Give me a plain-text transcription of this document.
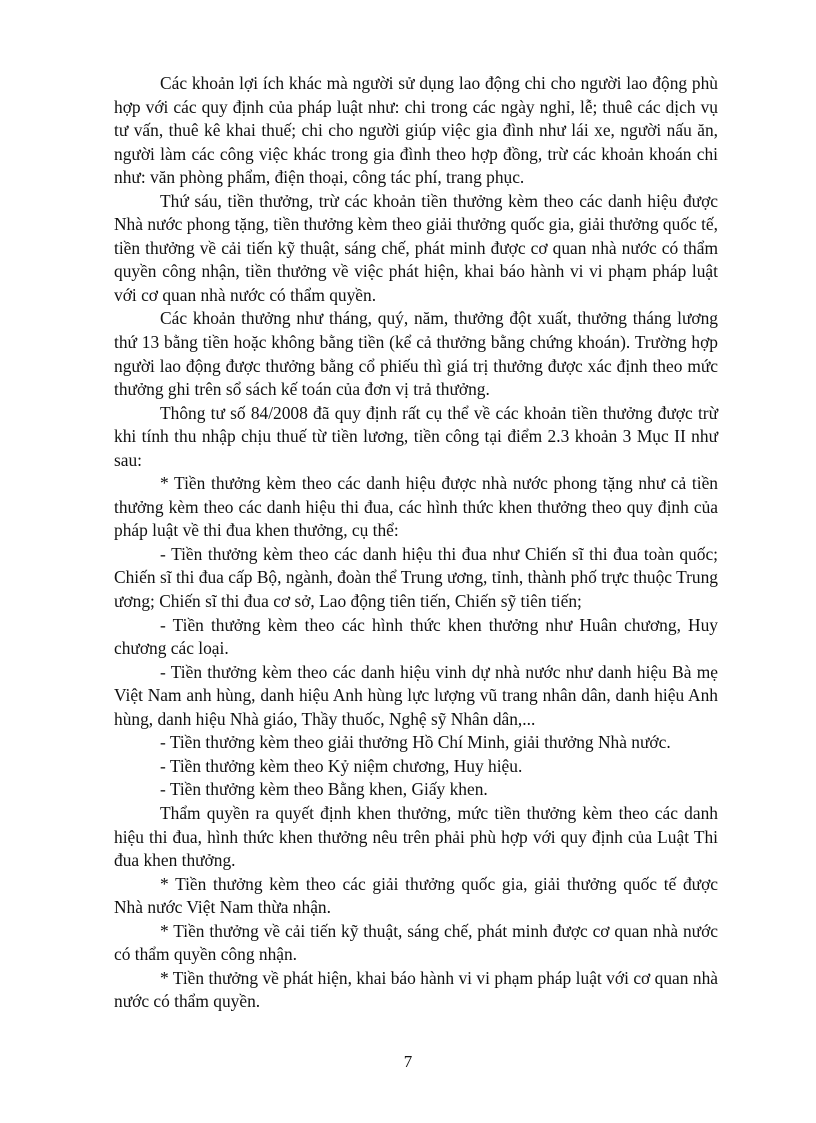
Các khoản lợi ích khác mà người sử dụng lao động chi cho người lao động phù hợp với các quy định của pháp luật như: chi trong các ngày nghỉ, lễ; thuê các dịch vụ tư vấn, thuê kê khai thuế; chi cho người giúp việc gia đình như lái xe, người nấu ăn, người làm các công việc khác trong gia đình theo hợp đồng, trừ các khoản khoán chi như: văn phòng phẩm, điện thoại, công tác phí, trang phục.

Thứ sáu, tiền thưởng, trừ các khoản tiền thưởng kèm theo các danh hiệu được Nhà nước phong tặng, tiền thưởng kèm theo giải thưởng quốc gia, giải thưởng quốc tế, tiền thưởng về cải tiến kỹ thuật, sáng chế, phát minh được cơ quan nhà nước có thẩm quyền công nhận, tiền thưởng về việc phát hiện, khai báo hành vi vi phạm pháp luật với cơ quan nhà nước có thẩm quyền.

Các khoản thưởng như tháng, quý, năm, thưởng đột xuất, thưởng tháng lương thứ 13 bằng tiền hoặc không bằng tiền (kể cả thưởng bằng chứng khoán). Trường hợp người lao động được thưởng bằng cổ phiếu thì giá trị thưởng được xác định theo mức thưởng ghi trên sổ sách kế toán của đơn vị trả thưởng.

Thông tư số 84/2008 đã quy định rất cụ thể về các khoản tiền thưởng được trừ khi tính thu nhập chịu thuế từ tiền lương, tiền công tại điểm 2.3 khoản 3 Mục II như sau:

* Tiền thưởng kèm theo các danh hiệu được nhà nước phong tặng như cả tiền thưởng kèm theo các danh hiệu thi đua, các hình thức khen thưởng theo quy định của pháp luật về thi đua khen thưởng, cụ thể:

- Tiền thưởng kèm theo các danh hiệu thi đua như Chiến sĩ thi đua toàn quốc; Chiến sĩ thi đua cấp Bộ, ngành, đoàn thể Trung ương, tỉnh, thành phố trực thuộc Trung ương; Chiến sĩ thi đua cơ sở, Lao động tiên tiến, Chiến sỹ tiên tiến;

- Tiền thưởng kèm theo các hình thức khen thưởng như Huân chương, Huy chương các loại.

- Tiền thưởng kèm theo các danh hiệu vinh dự nhà nước như danh hiệu Bà mẹ Việt Nam anh hùng, danh hiệu Anh hùng lực lượng vũ trang nhân dân, danh hiệu Anh hùng, danh hiệu Nhà giáo, Thầy thuốc, Nghệ sỹ Nhân dân,...

- Tiền thưởng kèm theo giải thưởng Hồ Chí Minh, giải thưởng Nhà nước.

- Tiền thưởng kèm theo Kỷ niệm chương, Huy hiệu.

- Tiền thưởng kèm theo Bằng khen, Giấy khen.

Thẩm quyền ra quyết định khen thưởng, mức tiền thưởng kèm theo các danh hiệu thi đua, hình thức khen thưởng nêu trên phải phù hợp với quy định của Luật Thi đua khen thưởng.

* Tiền thưởng kèm theo các giải thưởng quốc gia, giải thưởng quốc tế được Nhà nước Việt Nam thừa nhận.

* Tiền thưởng về cải tiến kỹ thuật, sáng chế, phát minh được cơ quan nhà nước có thẩm quyền công nhận.

* Tiền thưởng về phát hiện, khai báo hành vi vi phạm pháp luật với cơ quan nhà nước có thẩm quyền.

7
